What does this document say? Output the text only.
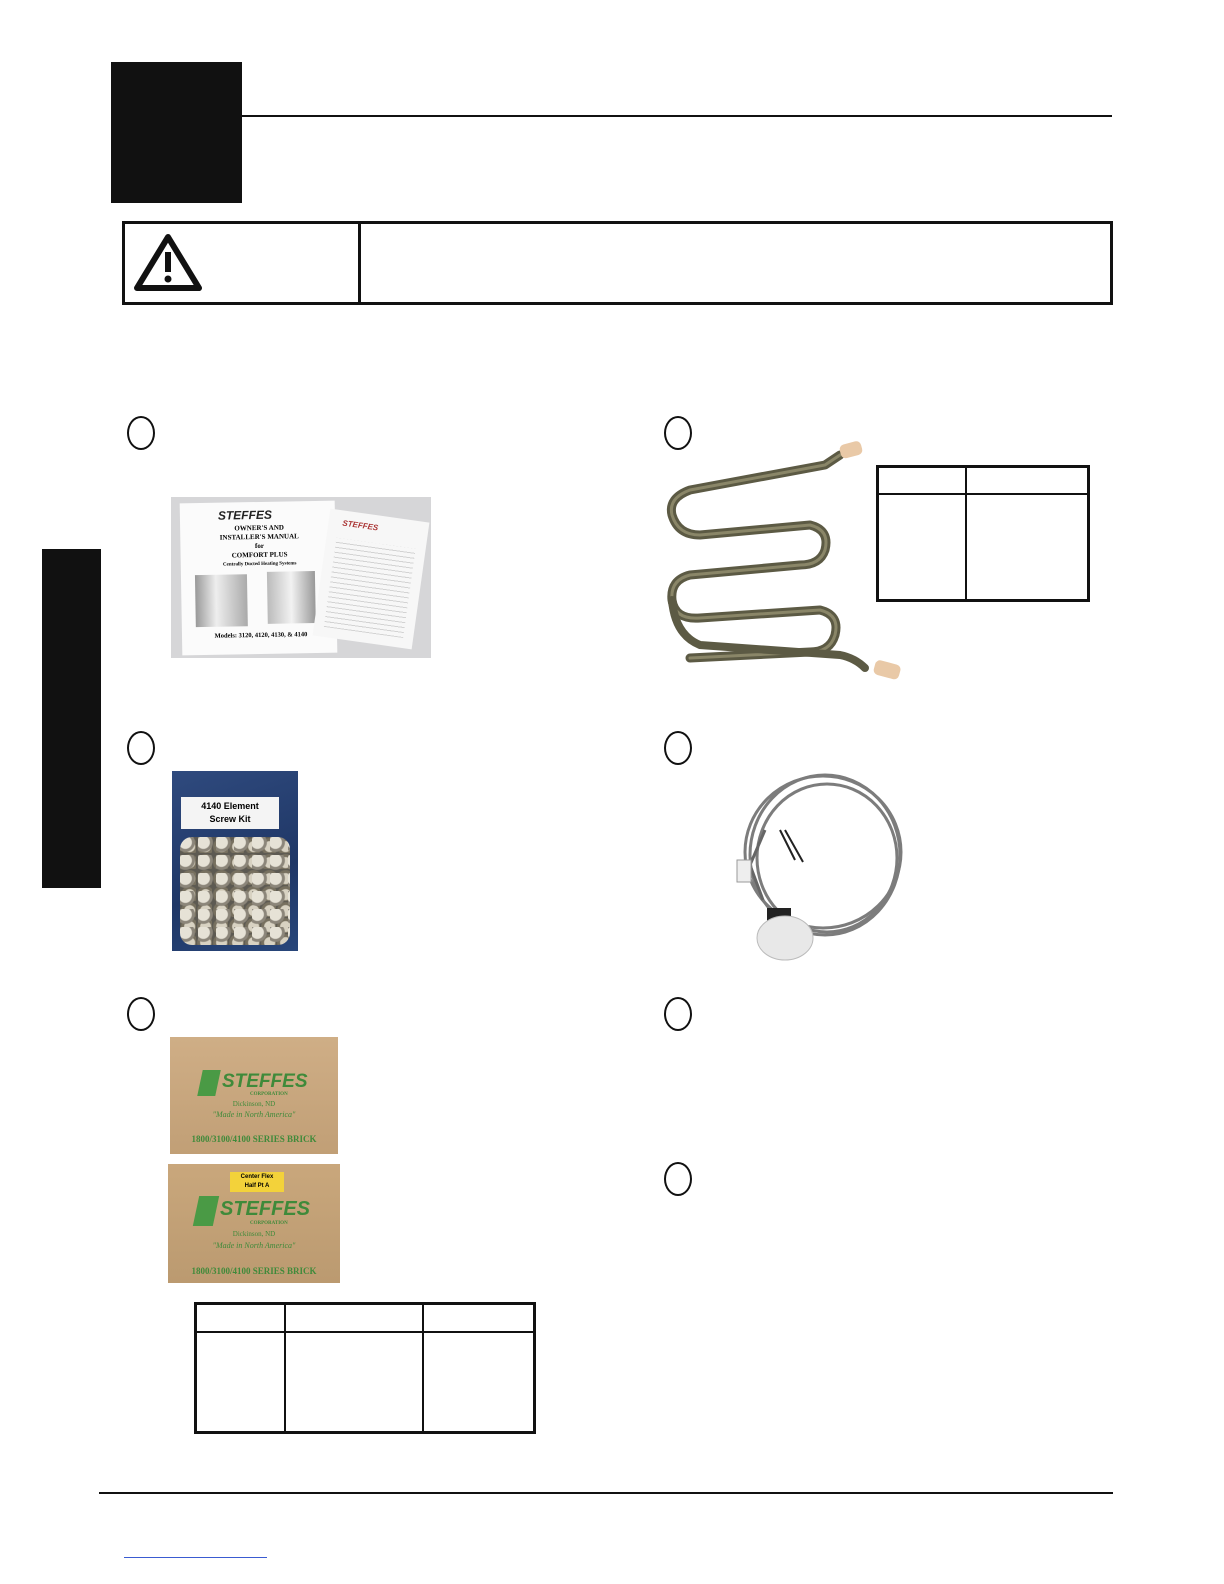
STEFFES
OWNER'S AND
INSTALLER'S MANUAL
for
COMFORT PLUS
Centrally Ducted Heating Systems
Models: 3120, 4120, 4130, & 4140
STEFFES
4140 Element
Screw Kit
STEFFES
CORPORATION
Dickinson, ND
"Made in North America"
1800/3100/4100 SERIES BRICK
Center Flex
Half Pt A
STEFFES
CORPORATION
Dickinson, ND
"Made in North America"
1800/3100/4100 SERIES BRICK
